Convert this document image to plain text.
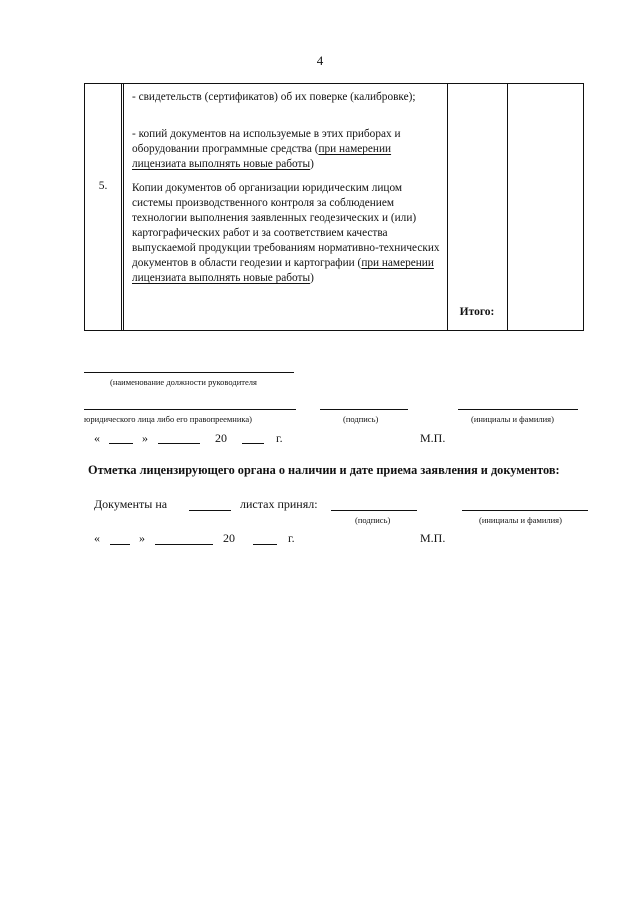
4
5.
- свидетельств (сертификатов) об их поверке (калибровке);
- копий документов на используемые в этих приборах и оборудовании программные средства (при намерении лицензиата выполнять новые работы)
Копии документов об организации юридическим лицом системы производственного контроля за соблюдением технологии выполнения заявленных геодезических и (или) картографических работ и за соответствием качества выпускаемой продукции требованиям нормативно-технических документов в области геодезии и картографии (при намерении лицензиата выполнять новые работы)
Итого:
(наименование должности руководителя
юридического лица либо его правопреемника)	(подпись)	(инициалы и фамилия)
«	»	20	г.	М.П.
Отметка лицензирующего органа о наличии и дате приема заявления и документов:
Документы на	листах принял:
(подпись)	(инициалы и фамилия)
«	»	20	г.	М.П.
